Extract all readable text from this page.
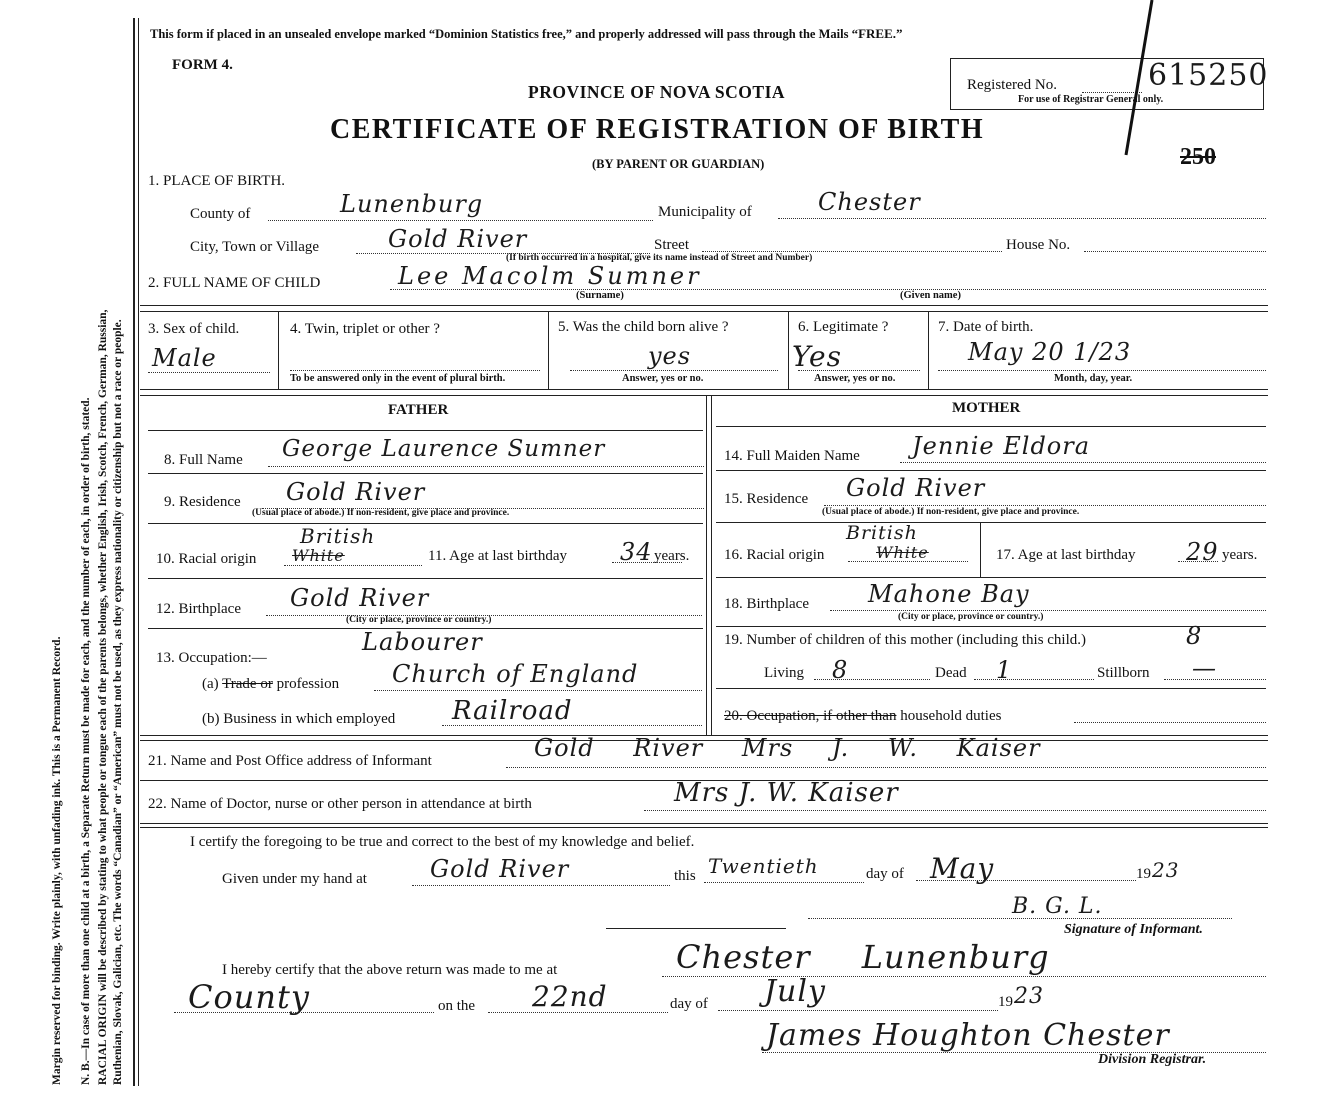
Margin reserved for binding. Write plainly, with unfading ink. This is a Permanent Record. N. B.—In case of more than one child at a birth, a Separate Return must be made for each, and the number of each, in order of birth, stated. RACIAL ORIGIN will be described by stating to what people or tongue each of the parents belongs, whether English, Irish, Scotch, French, German, Russian, Ruthenian, Slovak, Galician, etc. The words “Canadian” or “American” must not be used, as they express nationality or citizenship but not a race or people.
This form if placed in an unsealed envelope marked “Dominion Statistics free,” and properly addressed will pass through the Mails “FREE.”
FORM 4.
PROVINCE OF NOVA SCOTIA
CERTIFICATE OF REGISTRATION OF BIRTH
(BY PARENT OR GUARDIAN)
Registered No.	615250
For use of Registrar General only.
250
1. PLACE OF BIRTH.
County of	Lunenburg	Municipality of	Chester
City, Town or Village	Gold River	Street	House No.
(If birth occurred in a hospital, give its name instead of Street and Number)
2. FULL NAME OF CHILD	Lee Macolm Sumner
(Surname)	(Given name)
3. Sex of child.
Male
4. Twin, triplet or other ?
To be answered only in the event of plural birth.
5. Was the child born alive ?
yes
Answer, yes or no.
6. Legitimate ?
Yes
Answer, yes or no.
7. Date of birth.
May 20 1/23
Month, day, year.
FATHER	MOTHER
8. Full Name George Laurence Sumner
9. Residence Gold River
(Usual place of abode.) If non-resident, give place and province.
10. Racial origin
British
White	11. Age at last birthday 34 years.
12. Birthplace Gold River
(City or place, province or country.)
13. Occupation:—
Labourer
(a) Trade or profession Church of England
(b) Business in which employed Railroad
14. Full Maiden Name Jennie Eldora
15. Residence Gold River
(Usual place of abode.) If non-resident, give place and province.
16. Racial origin
British
White	17. Age at last birthday 29 years.
18. Birthplace Mahone Bay
(City or place, province or country.)
19. Number of children of this mother (including this child.)	8
Living 8	Dead 1	Stillborn —
20. Occupation, if other than household duties
21. Name and Post Office address of Informant	Gold River Mrs J. W. Kaiser
22. Name of Doctor, nurse or other person in attendance at birth	Mrs J. W. Kaiser
I certify the foregoing to be true and correct to the best of my knowledge and belief.
Given under my hand at	Gold River	this Twentieth	day of May	19 23
B. G. L.
Signature of Informant.
I hereby certify that the above return was made to me at	Chester Lunenburg
County	on the 22nd	day of July	19 23
James Houghton Chester
Division Registrar.
